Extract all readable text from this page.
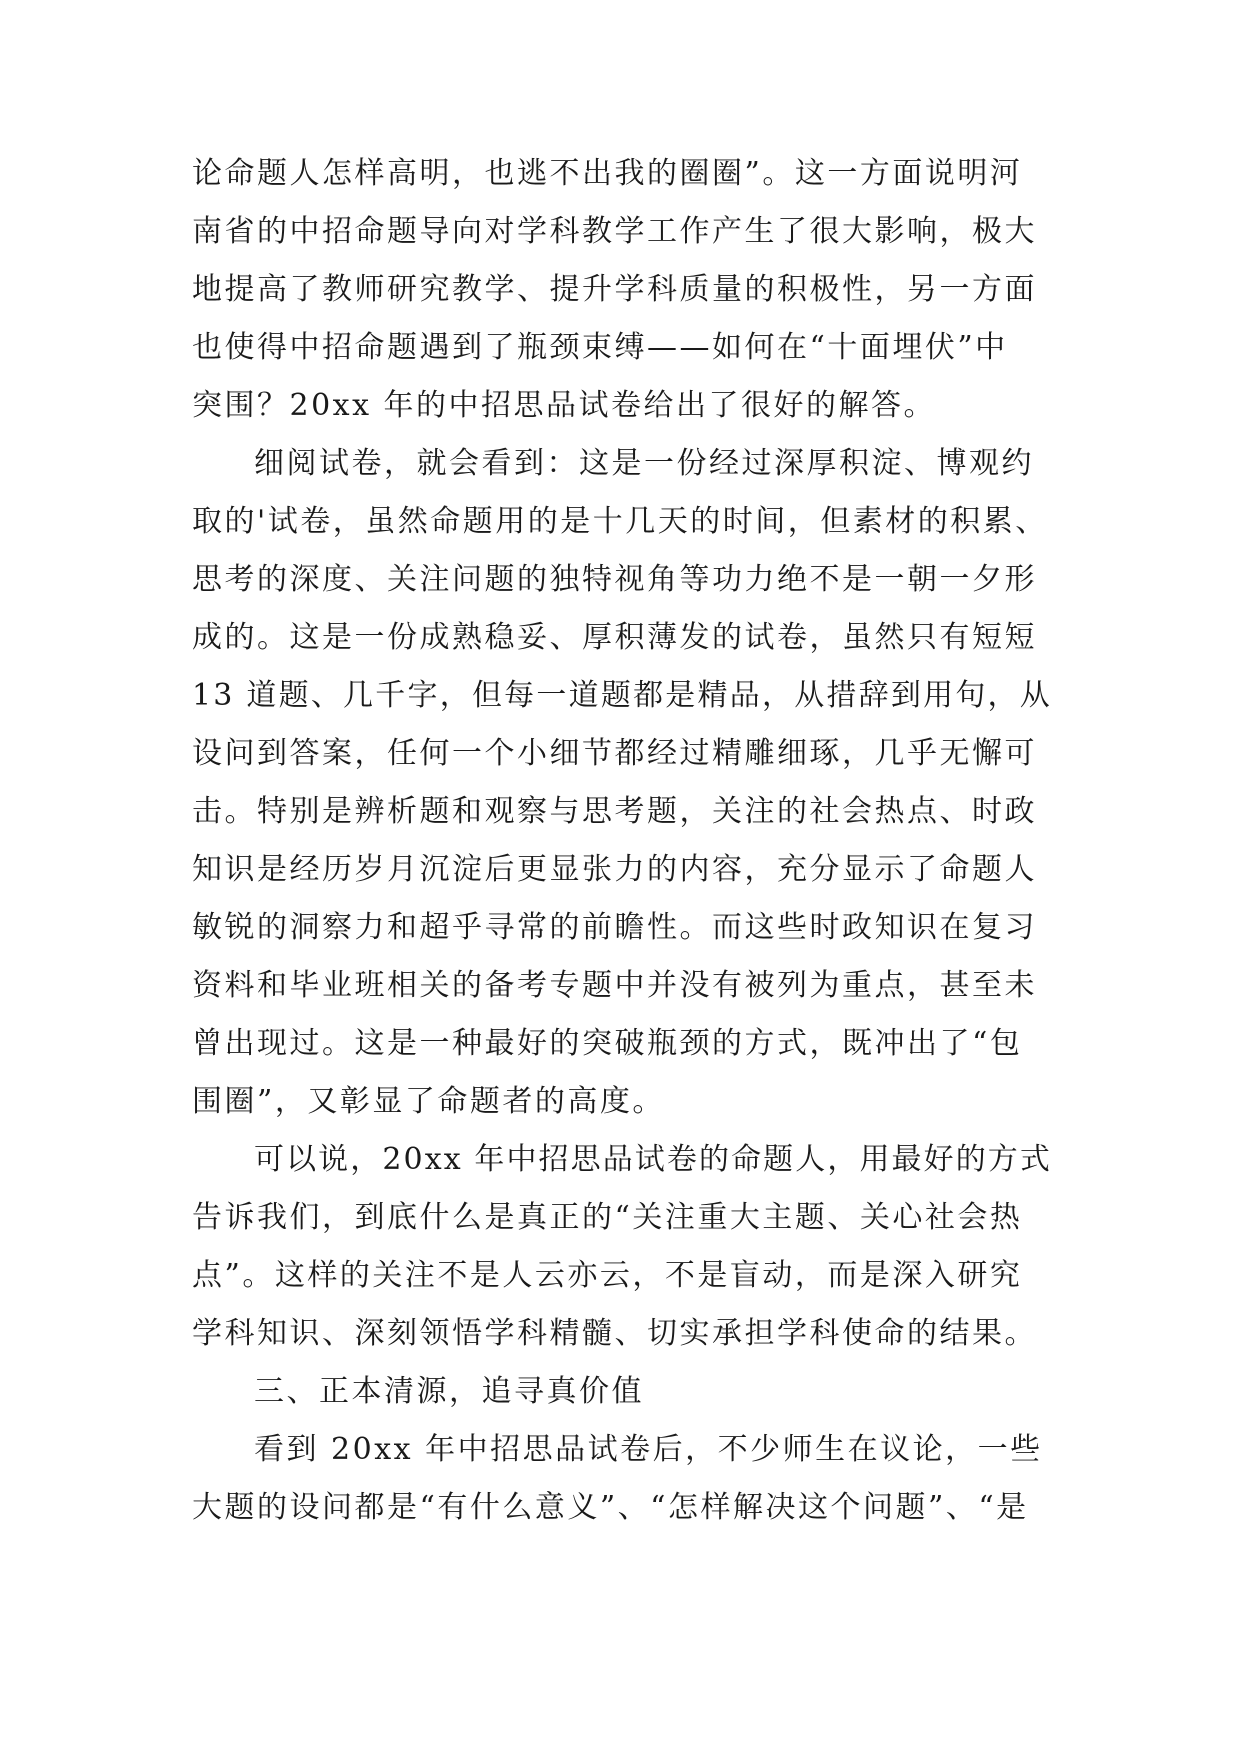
论命题人怎样高明，也逃不出我的圈圈”。这一方面说明河
南省的中招命题导向对学科教学工作产生了很大影响，极大
地提高了教师研究教学、提升学科质量的积极性，另一方面
也使得中招命题遇到了瓶颈束缚——如何在“十面埋伏”中
突围？20xx 年的中招思品试卷给出了很好的解答。
细阅试卷，就会看到：这是一份经过深厚积淀、博观约
取的'试卷，虽然命题用的是十几天的时间，但素材的积累、
思考的深度、关注问题的独特视角等功力绝不是一朝一夕形
成的。这是一份成熟稳妥、厚积薄发的试卷，虽然只有短短
13 道题、几千字，但每一道题都是精品，从措辞到用句，从
设问到答案，任何一个小细节都经过精雕细琢，几乎无懈可
击。特别是辨析题和观察与思考题，关注的社会热点、时政
知识是经历岁月沉淀后更显张力的内容，充分显示了命题人
敏锐的洞察力和超乎寻常的前瞻性。而这些时政知识在复习
资料和毕业班相关的备考专题中并没有被列为重点，甚至未
曾出现过。这是一种最好的突破瓶颈的方式，既冲出了“包
围圈”，又彰显了命题者的高度。
可以说，20xx 年中招思品试卷的命题人，用最好的方式
告诉我们，到底什么是真正的“关注重大主题、关心社会热
点”。这样的关注不是人云亦云，不是盲动，而是深入研究
学科知识、深刻领悟学科精髓、切实承担学科使命的结果。
三、正本清源，追寻真价值
看到 20xx 年中招思品试卷后，不少师生在议论，一些
大题的设问都是“有什么意义”、“怎样解决这个问题”、“是
